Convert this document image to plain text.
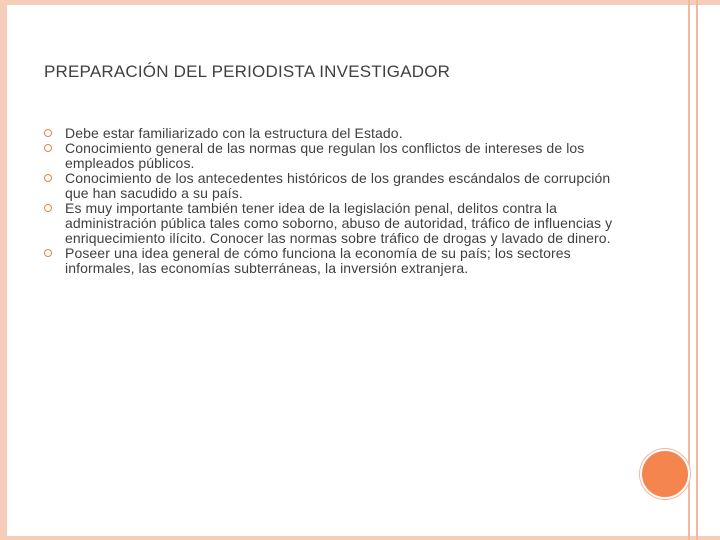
PREPARACIÓN DEL PERIODISTA INVESTIGADOR
Debe estar familiarizado con la estructura del Estado.
Conocimiento general de las normas que regulan los conflictos de intereses de los empleados públicos.
Conocimiento de los antecedentes históricos de los grandes escándalos de corrupción que han sacudido a su país.
Es muy importante también tener idea de la legislación penal, delitos contra la administración pública tales como soborno, abuso de autoridad, tráfico de influencias y enriquecimiento ilícito. Conocer las normas sobre tráfico de drogas y lavado de dinero.
Poseer una idea general de cómo funciona la economía de su país; los sectores informales, las economías subterráneas, la inversión extranjera.
